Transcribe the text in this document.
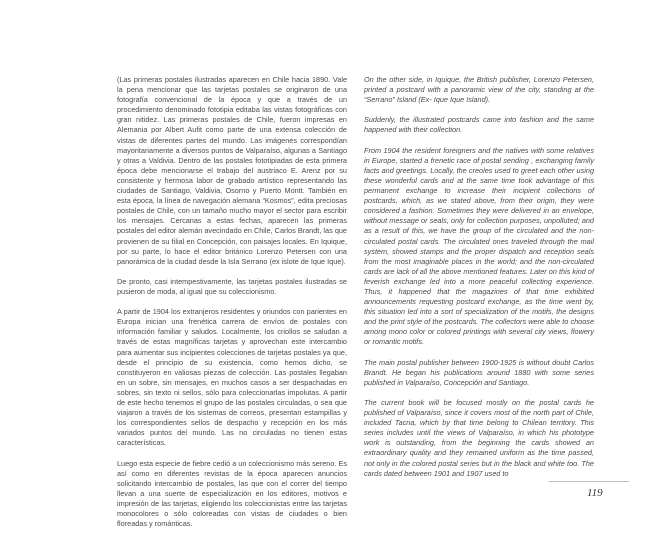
(Las primeras postales ilustradas aparecen en Chile hacia 1890. Vale la pena mencionar que las tarjetas postales se originaron de una fotografía convencional de la época y que a través de un procedimiento denominado fototipia editaba las vistas fotográficas con gran nitidez. Las primeras postales de Chile, fueron impresas en Alemania por Albert Aufit como parte de una extensa colección de vistas de diferentes partes del mundo. Las imágenes correspondían mayoritariamente a diversos puntos de Valparaíso, algunas a Santiago y otras a Valdivia. Dentro de las postales fototipiadas de esta primera época debe mencionarse el trabajo del austriaco E. Arenz por su consistente y hermosa labor de grabado artístico representando las ciudades de Santiago, Valdivia, Osorno y Puerto Montt. También en esta época, la línea de navegación alemana “Kosmos”, edita preciosas postales de Chile, con un tamaño mucho mayor el sector para escribir los mensajes. Cercanas a estas fechas, aparecen las primeras postales del editor alemán avecindado en Chile, Carlos Brandt, las que provienen de su filial en Concepción, con paisajes locales. En Iquique, por su parte, lo hace el editor británico Lorenzo Petersen con una panorámica de la ciudad desde la Isla Serrano (ex islote de Ique Ique).

De pronto, casi intempestivamente, las tarjetas postales ilustradas se pusieron de moda, al igual que su coleccionismo.

A partir de 1904 los extranjeros residentes y oriundos con parientes en Europa inician una frenética carrera de envíos de postales con información familiar y saludos. Localmente, los criollos se saludan a través de estas magníficas tarjetas y aprovechan este intercambio para aumentar sus incipientes colecciones de tarjetas postales ya que, desde el principio de su existencia, como hemos dicho, se constituyeron en valiosas piezas de colección. Las postales llegaban en un sobre, sin mensajes, en muchos casos a ser despachadas en sobres, sin texto ni sellos, sólo para coleccionarlas impolutas. A partir de este hecho tenemos el grupo de las postales circuladas, o sea que viajaron a través de los sistemas de correos, presentan estampillas y los correspondientes sellos de despacho y recepción en los más variados puntos del mundo. Las no circuladas no tienen estas características.

Luego esta especie de fiebre cedió a un coleccionismo más sereno. Es así como en diferentes revistas de la época aparecen anuncios solicitando intercambio de postales, las que con el correr del tiempo llevan a una suerte de especialización en los editores, motivos e impresión de las tarjetas, eligiendo los coleccionistas entre las tarjetas monocolores o sólo coloreadas con vistas de ciudades o bien floreadas y románticas.

On the other side, in Iquique, the British publisher, Lorenzo Petersen, printed a postcard with a panoramic view of the city, standing at the “Serrano” Island (Ex- Ique Ique Island).

Suddenly, the illustrated postcards came into fashion and the same happened with their collection.

From 1904 the resident foreigners and the natives with some relatives in Europe, started a frenetic race of postal sending , exchanging family facts and greetings. Locally, the creoles used to greet each other using these wonderful cards and at the same time took advantage of this permanent exchange to increase their incipient collections of postcards, which, as we stated above, from their origin, they were considered a fashion. Sometimes they were delivered in an envelope, without message or seals, only for collection purposes, unpolluted; and as a result of this, we have the group of the circulated and the non-circulated postal cards. The circulated ones traveled through the mail system, showed stamps and the proper dispatch and reception seals from the most imaginable places in the world; and the non-circulated cards are lack of all the above mentioned features. Later on this kind of feverish exchange led into a more peaceful collecting experience. Thus, it happened that the magazines of that time exhibited announcements requesting postcard exchange, as the time went by, this situation led into a sort of specialization of the motifs, the designs and the print style of the postcards. The collectors were able to choose among mono color or colored printings with several city views, flowery or romantic motifs.

The main postal publisher between 1900-1925 is without doubt Carlos Brandt. He began his publications around 1880 with some series published in Valparaíso, Concepción and Santiago.

The current book will be focused mostly on the postal cards he published of Valparaíso, since it covers most of the north part of Chile, included Tacna, which by that time belong to Chilean territory. This series includes until the views of Valparaíso, in which his phototype work is outstanding, from the beginning the cards showed an extraordinary quality and they remained uniform as the time passed, not only in the colored postal series but in the black and white too. The cards dated between 1901 and 1907 used to

119
